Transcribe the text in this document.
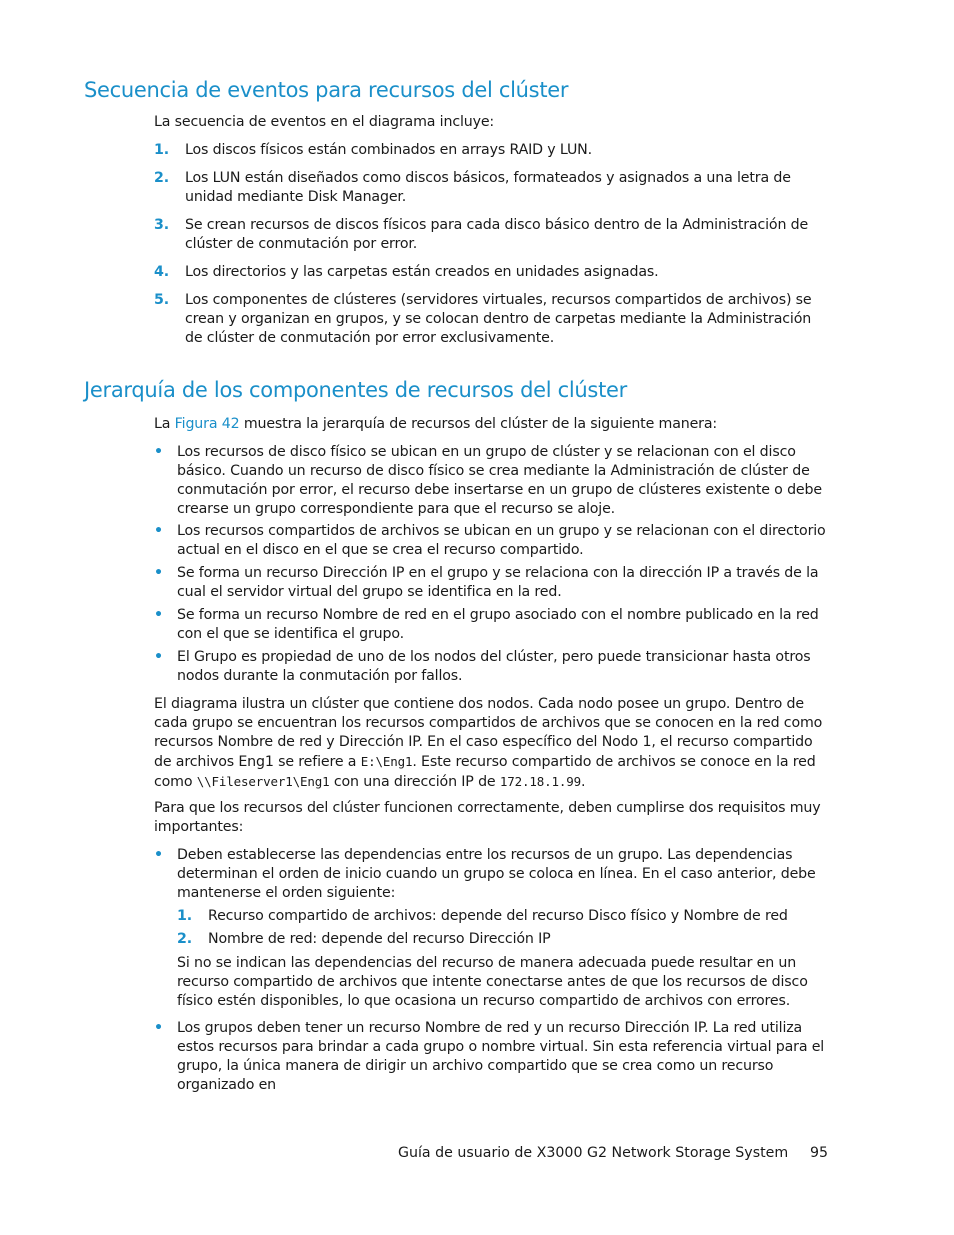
Secuencia de eventos para recursos del clúster

La secuencia de eventos en el diagrama incluye:

1. Los discos físicos están combinados en arrays RAID y LUN.
2. Los LUN están diseñados como discos básicos, formateados y asignados a una letra de unidad mediante Disk Manager.
3. Se crean recursos de discos físicos para cada disco básico dentro de la Administración de clúster de conmutación por error.
4. Los directorios y las carpetas están creados en unidades asignadas.
5. Los componentes de clústeres (servidores virtuales, recursos compartidos de archivos) se crean y organizan en grupos, y se colocan dentro de carpetas mediante la Administración de clúster de conmutación por error exclusivamente.
Jerarquía de los componentes de recursos del clúster

La Figura 42 muestra la jerarquía de recursos del clúster de la siguiente manera:

• Los recursos de disco físico se ubican en un grupo de clúster y se relacionan con el disco básico. Cuando un recurso de disco físico se crea mediante la Administración de clúster de conmutación por error, el recurso debe insertarse en un grupo de clústeres existente o debe crearse un grupo correspondiente para que el recurso se aloje.
• Los recursos compartidos de archivos se ubican en un grupo y se relacionan con el directorio actual en el disco en el que se crea el recurso compartido.
• Se forma un recurso Dirección IP en el grupo y se relaciona con la dirección IP a través de la cual el servidor virtual del grupo se identifica en la red.
• Se forma un recurso Nombre de red en el grupo asociado con el nombre publicado en la red con el que se identifica el grupo.
• El Grupo es propiedad de uno de los nodos del clúster, pero puede transicionar hasta otros nodos durante la conmutación por fallos.

El diagrama ilustra un clúster que contiene dos nodos. Cada nodo posee un grupo. Dentro de cada grupo se encuentran los recursos compartidos de archivos que se conocen en la red como recursos Nombre de red y Dirección IP. En el caso específico del Nodo 1, el recurso compartido de archivos Eng1 se refiere a E:\Eng1. Este recurso compartido de archivos se conoce en la red como \\Fileserver1\Eng1 con una dirección IP de 172.18.1.99.

Para que los recursos del clúster funcionen correctamente, deben cumplirse dos requisitos muy importantes:

• Deben establecerse las dependencias entre los recursos de un grupo. Las dependencias determinan el orden de inicio cuando un grupo se coloca en línea. En el caso anterior, debe mantenerse el orden siguiente:
1. Recurso compartido de archivos: depende del recurso Disco físico y Nombre de red
2. Nombre de red: depende del recurso Dirección IP

Si no se indican las dependencias del recurso de manera adecuada puede resultar en un recurso compartido de archivos que intente conectarse antes de que los recursos de disco físico estén disponibles, lo que ocasiona un recurso compartido de archivos con errores.

• Los grupos deben tener un recurso Nombre de red y un recurso Dirección IP. La red utiliza estos recursos para brindar a cada grupo o nombre virtual. Sin esta referencia virtual para el grupo, la única manera de dirigir un archivo compartido que se crea como un recurso organizado en
Guía de usuario de X3000 G2 Network Storage System 95
